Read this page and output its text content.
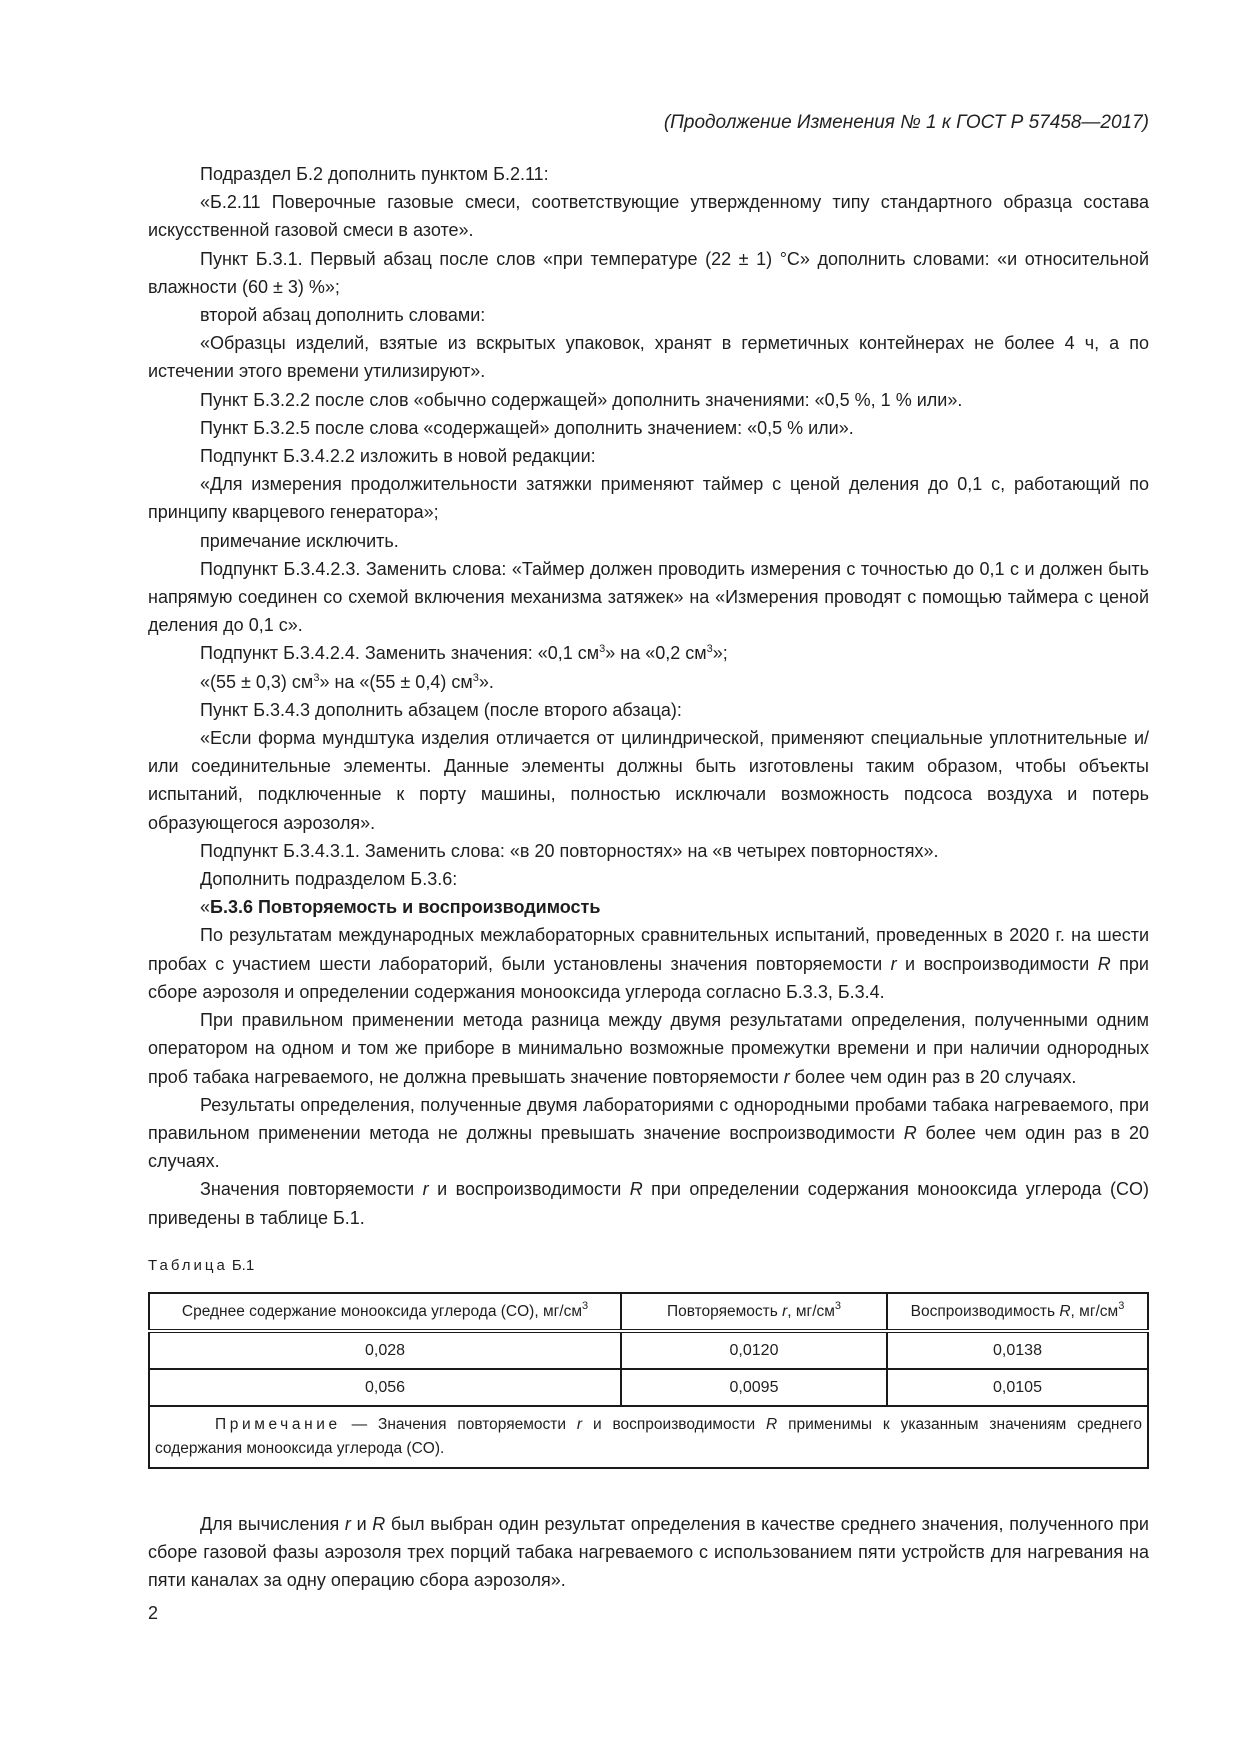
(Продолжение Изменения № 1 к ГОСТ Р 57458—2017)

Подраздел Б.2 дополнить пунктом Б.2.11:

«Б.2.11 Поверочные газовые смеси, соответствующие утвержденному типу стандартного образца состава искусственной газовой смеси в азоте».

Пункт Б.3.1. Первый абзац после слов «при температуре (22 ± 1) °C» дополнить словами: «и относительной влажности (60 ± 3) %»;

второй абзац дополнить словами:

«Образцы изделий, взятые из вскрытых упаковок, хранят в герметичных контейнерах не более 4 ч, а по истечении этого времени утилизируют».

Пункт Б.3.2.2 после слов «обычно содержащей» дополнить значениями: «0,5 %, 1 % или».

Пункт Б.3.2.5 после слова «содержащей» дополнить значением: «0,5 % или».

Подпункт Б.3.4.2.2 изложить в новой редакции:

«Для измерения продолжительности затяжки применяют таймер с ценой деления до 0,1 с, работающий по принципу кварцевого генератора»;

примечание исключить.

Подпункт Б.3.4.2.3. Заменить слова: «Таймер должен проводить измерения с точностью до 0,1 с и должен быть напрямую соединен со схемой включения механизма затяжек» на «Измерения проводят с помощью таймера с ценой деления до 0,1 с».

Подпункт Б.3.4.2.4. Заменить значения: «0,1 $см^3$» на «0,2 $см^3$»;

«(55 ± 0,3) $см^3$» на «(55 ± 0,4) $см^3$».

Пункт Б.3.4.3 дополнить абзацем (после второго абзаца):

«Если форма мундштука изделия отличается от цилиндрической, применяют специальные уплотнительные и/или соединительные элементы. Данные элементы должны быть изготовлены таким образом, чтобы объекты испытаний, подключенные к порту машины, полностью исключали возможность подсоса воздуха и потерь образующегося аэрозоля».

Подпункт Б.3.4.3.1. Заменить слова: «в 20 повторностях» на «в четырех повторностях».

Дополнить подразделом Б.3.6:

«Б.3.6 Повторяемость и воспроизводимость

По результатам международных межлабораторных сравнительных испытаний, проведенных в 2020 г. на шести пробах с участием шести лабораторий, были установлены значения повторяемости r и воспроизводимости R при сборе аэрозоля и определении содержания монооксида углерода согласно Б.3.3, Б.3.4.

При правильном применении метода разница между двумя результатами определения, полученными одним оператором на одном и том же приборе в минимально возможные промежутки времени и при наличии однородных проб табака нагреваемого, не должна превышать значение повторяемости r более чем один раз в 20 случаях.

Результаты определения, полученные двумя лабораториями с однородными пробами табака нагреваемого, при правильном применении метода не должны превышать значение воспроизводимости R более чем один раз в 20 случаях.

Значения повторяемости r и воспроизводимости R при определении содержания монооксида углерода (CO) приведены в таблице Б.1.

Таблица Б.1
Среднее содержание монооксида углерода (CO), $мг/см^3$	Повторяемость r, $мг/см^3$	Воспроизводимость R, $мг/см^3$
0,028	0,0120	0,0138
0,056	0,0095	0,0105
Примечание — Значения повторяемости r и воспроизводимости R применимы к указанным значениям среднего содержания монооксида углерода (CO).		

Для вычисления r и R был выбран один результат определения в качестве среднего значения, полученного при сборе газовой фазы аэрозоля трех порций табака нагреваемого с использованием пяти устройств для нагревания на пяти каналах за одну операцию сбора аэрозоля».

2
